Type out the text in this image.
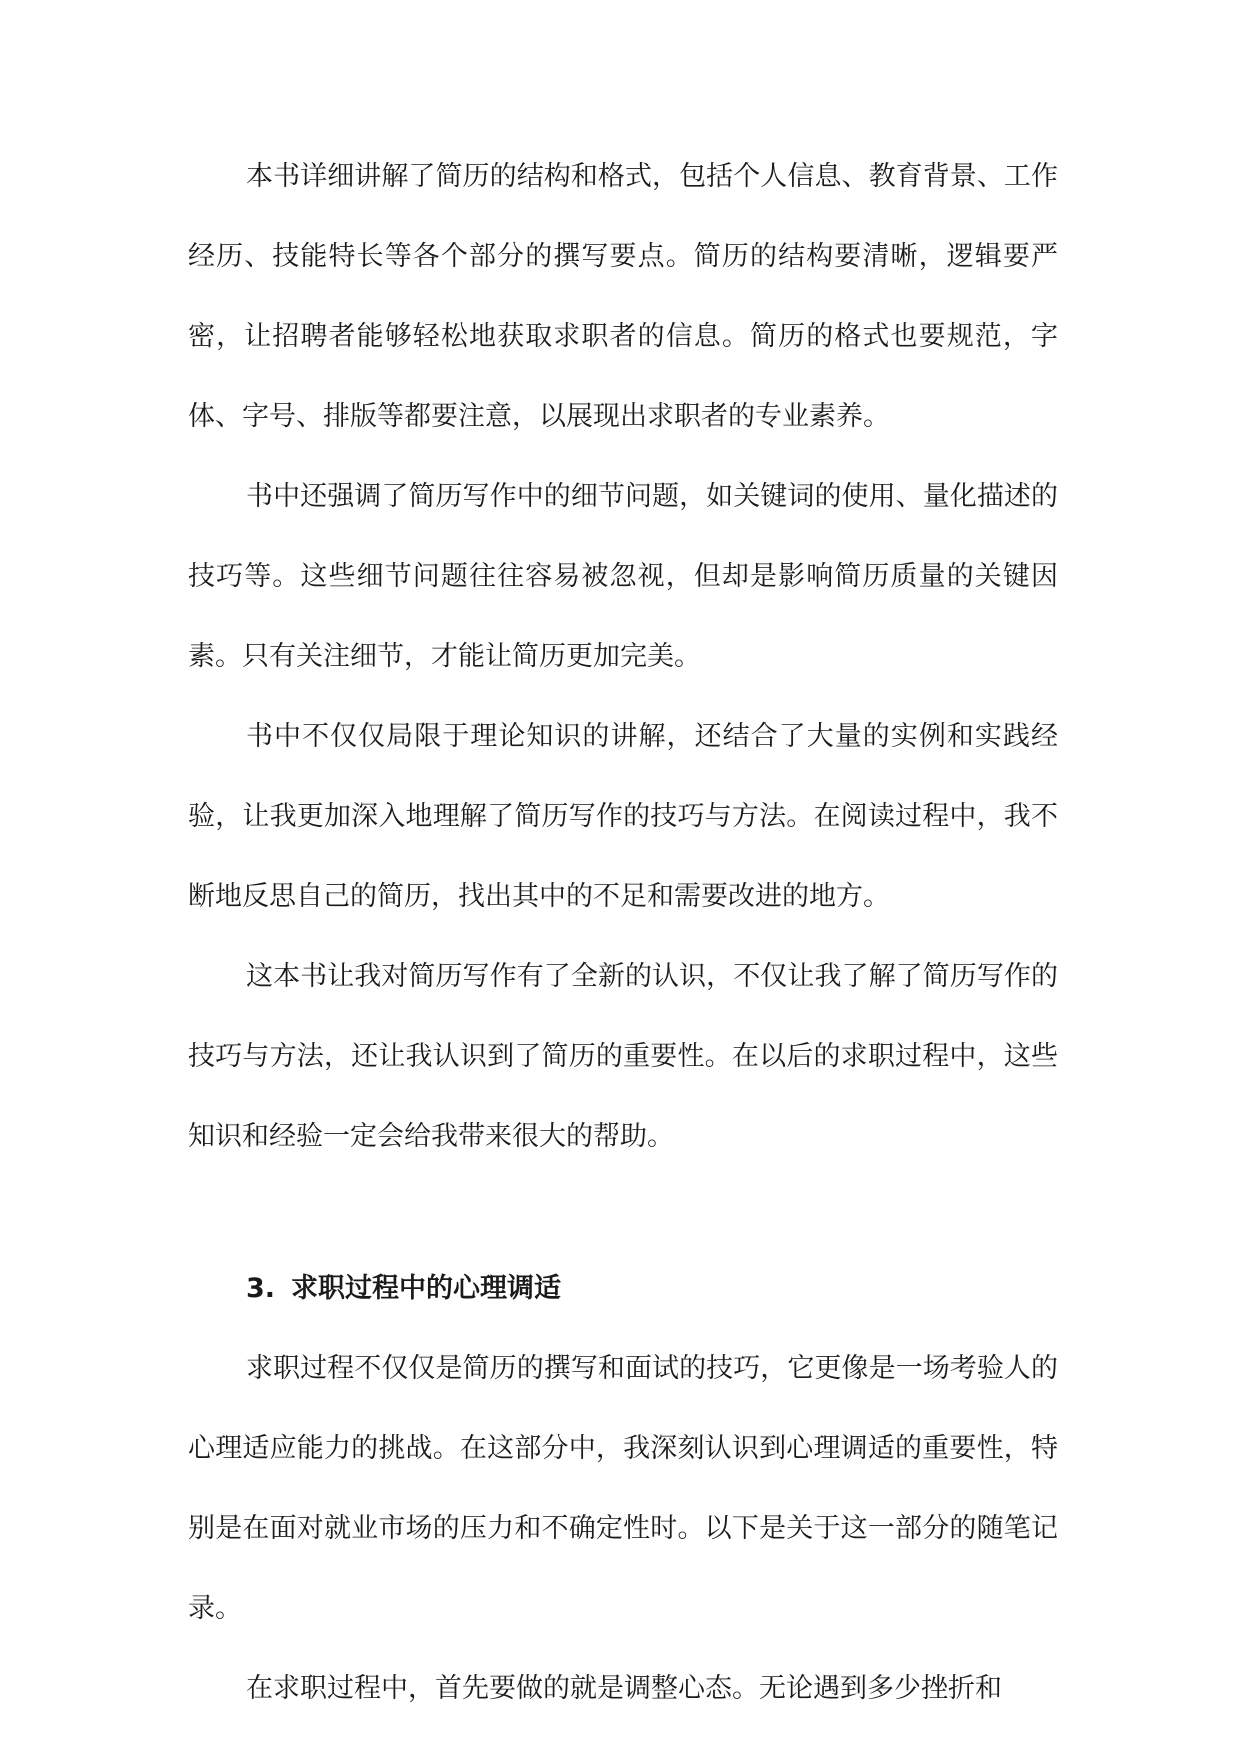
本书详细讲解了简历的结构和格式，包括个人信息、教育背景、工作经历、技能特长等各个部分的撰写要点。简历的结构要清晰，逻辑要严密，让招聘者能够轻松地获取求职者的信息。简历的格式也要规范，字体、字号、排版等都要注意，以展现出求职者的专业素养。

书中还强调了简历写作中的细节问题，如关键词的使用、量化描述的技巧等。这些细节问题往往容易被忽视，但却是影响简历质量的关键因素。只有关注细节，才能让简历更加完美。

书中不仅仅局限于理论知识的讲解，还结合了大量的实例和实践经验，让我更加深入地理解了简历写作的技巧与方法。在阅读过程中，我不断地反思自己的简历，找出其中的不足和需要改进的地方。

这本书让我对简历写作有了全新的认识，不仅让我了解了简历写作的技巧与方法，还让我认识到了简历的重要性。在以后的求职过程中，这些知识和经验一定会给我带来很大的帮助。

3. 求职过程中的心理调适

求职过程不仅仅是简历的撰写和面试的技巧，它更像是一场考验人的心理适应能力的挑战。在这部分中，我深刻认识到心理调适的重要性，特别是在面对就业市场的压力和不确定性时。以下是关于这一部分的随笔记录。

在求职过程中，首先要做的就是调整心态。无论遇到多少挫折和
